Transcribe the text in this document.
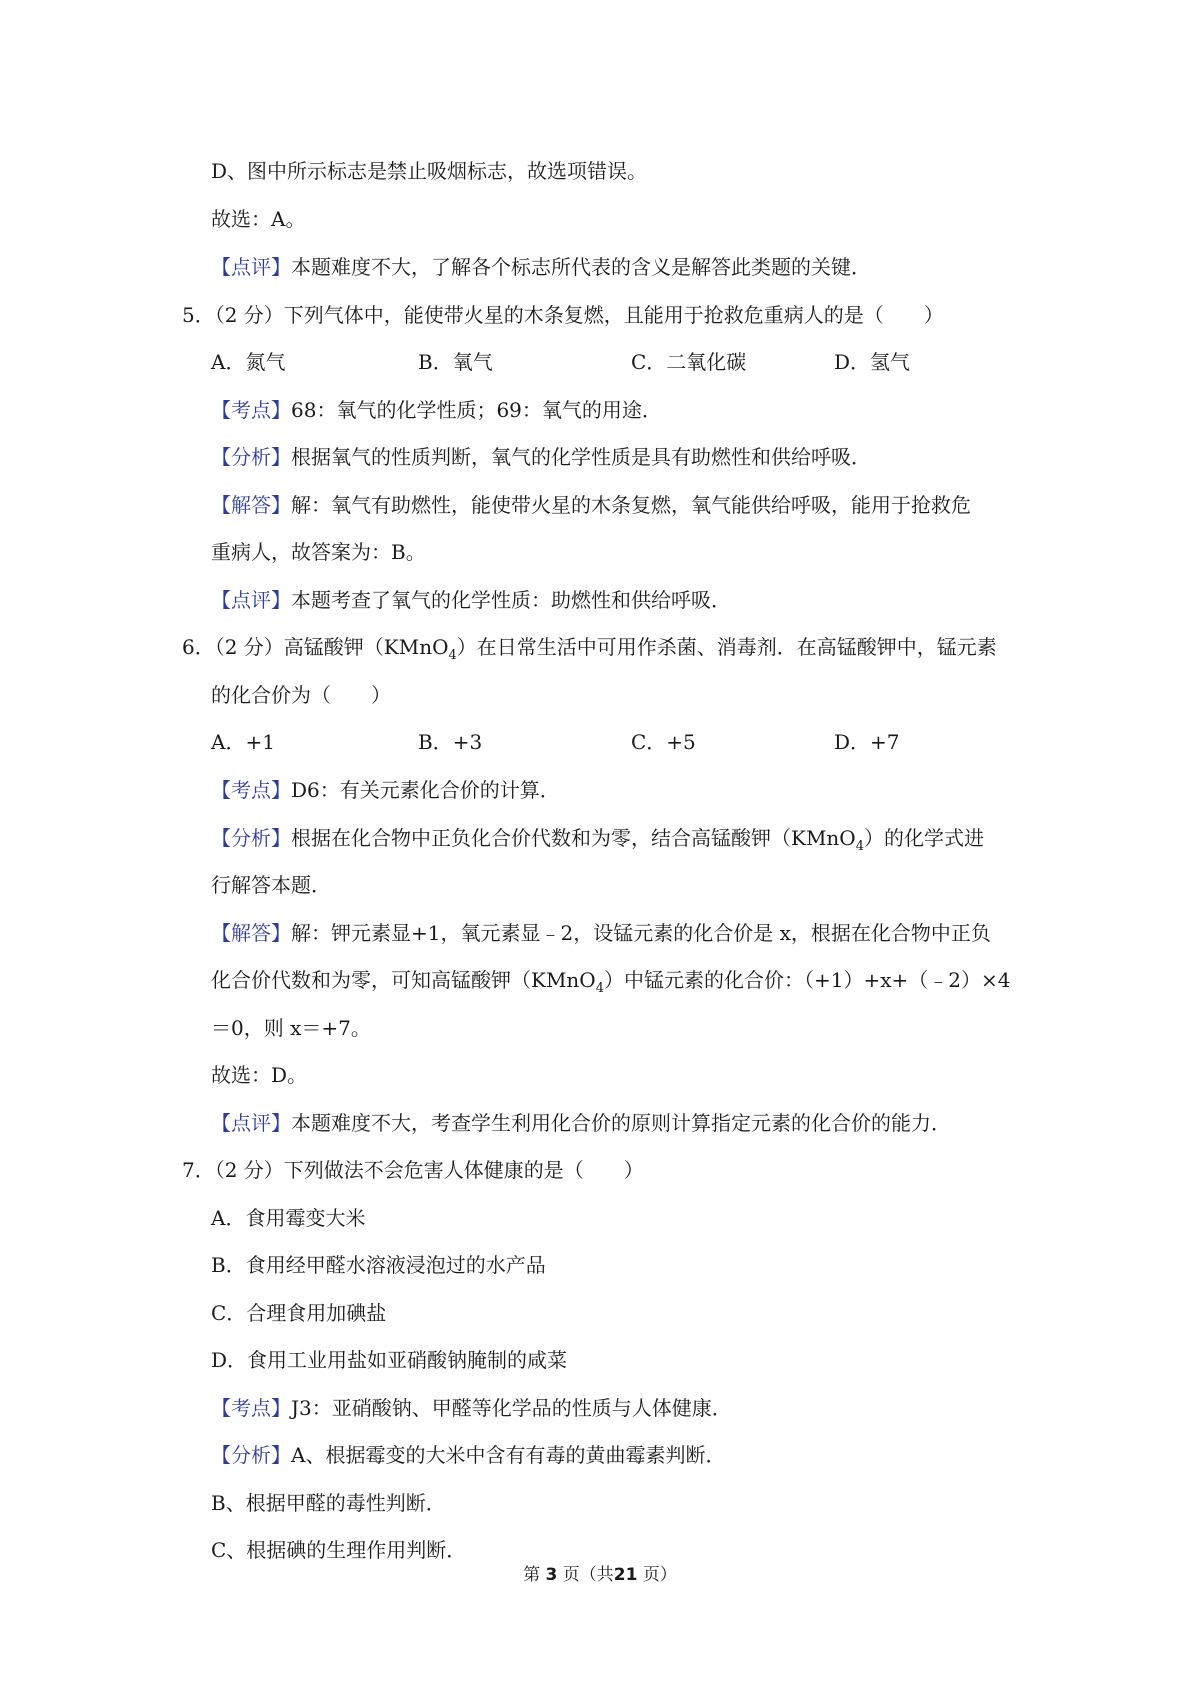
D、图中所示标志是禁止吸烟标志，故选项错误。
故选：A。
【点评】本题难度不大，了解各个标志所代表的含义是解答此类题的关键．
5．（2 分）下列气体中，能使带火星的木条复燃，且能用于抢救危重病人的是（　　）
A．氮气	B．氧气	C．二氧化碳	D．氢气
【考点】68：氧气的化学性质；69：氧气的用途．
【分析】根据氧气的性质判断，氧气的化学性质是具有助燃性和供给呼吸．
【解答】解：氧气有助燃性，能使带火星的木条复燃，氧气能供给呼吸，能用于抢救危
重病人，故答案为：B。
【点评】本题考查了氧气的化学性质：助燃性和供给呼吸．
6．（2 分）高锰酸钾（KMnO$_4$）在日常生活中可用作杀菌、消毒剂．在高锰酸钾中，锰元素
的化合价为（　　）
A．+1	B．+3	C．+5	D．+7
【考点】D6：有关元素化合价的计算．
【分析】根据在化合物中正负化合价代数和为零，结合高锰酸钾（KMnO$_4$）的化学式进
行解答本题．
【解答】解：钾元素显+1，氧元素显﹣2，设锰元素的化合价是 x，根据在化合物中正负
化合价代数和为零，可知高锰酸钾（KMnO$_4$）中锰元素的化合价：（+1）+x+（﹣2）×4
＝0，则 x＝+7。
故选：D。
【点评】本题难度不大，考查学生利用化合价的原则计算指定元素的化合价的能力．
7．（2 分）下列做法不会危害人体健康的是（　　）
A．食用霉变大米
B．食用经甲醛水溶液浸泡过的水产品
C．合理食用加碘盐
D．食用工业用盐如亚硝酸钠腌制的咸菜
【考点】J3：亚硝酸钠、甲醛等化学品的性质与人体健康．
【分析】A、根据霉变的大米中含有有毒的黄曲霉素判断．
B、根据甲醛的毒性判断．
C、根据碘的生理作用判断．
第 3 页（共21 页）
